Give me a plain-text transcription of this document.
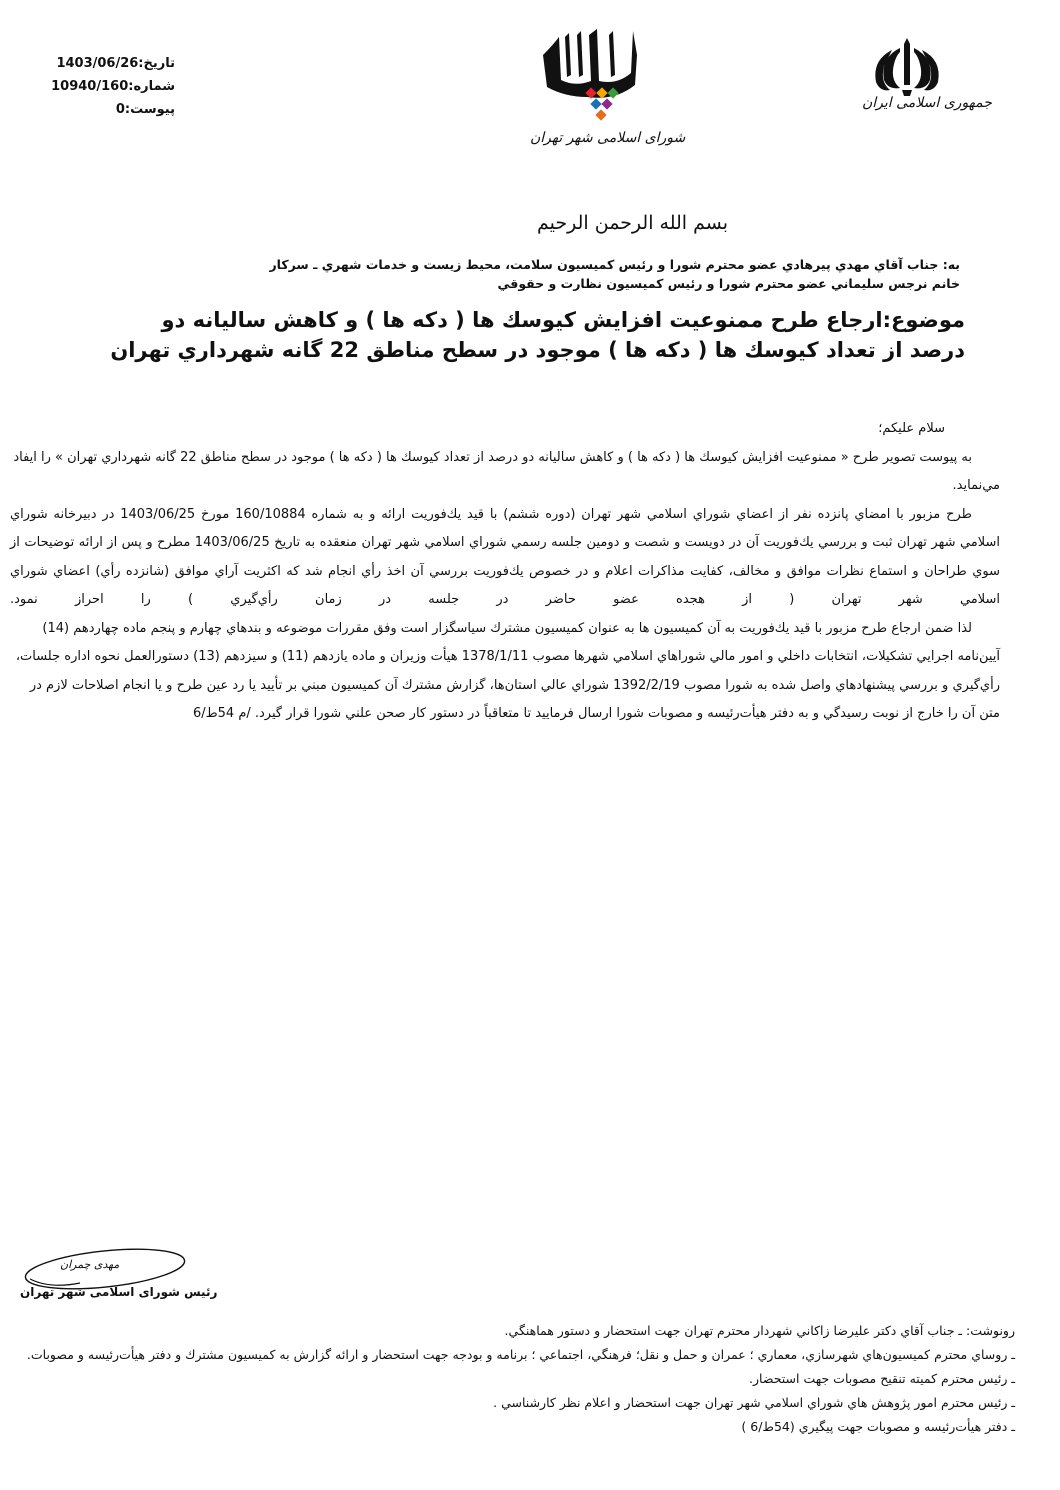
تاريخ:1403/06/26
شماره:10940/160
پيوست:0
شورای اسلامی شهر تهران
جمهوری اسلامی ایران
بسم الله الرحمن الرحيم
به: جناب آقاي مهدي پيرهادي عضو محترم شورا و رئيس كميسيون سلامت، محيط زيست و خدمات شهري ـ سركار
خانم نرجس سليماني عضو محترم شورا و رئيس كميسيون نظارت و حقوقي
موضوع:ارجاع طرح ممنوعيت افزايش كيوسك ها ( دكه ها ) و كاهش ساليانه دو درصد از تعداد كيوسك ها ( دكه ها ) موجود در سطح مناطق 22 گانه شهرداري تهران

سلام عليكم؛

به پيوست تصوير طرح « ممنوعيت افزايش كيوسك ها ( دكه ها ) و كاهش ساليانه دو درصد از تعداد كيوسك ها ( دكه ها ) موجود در سطح مناطق 22 گانه شهرداري تهران » را ايفاد مي‌نمايد.

طرح مزبور با امضاي پانزده نفر از اعضاي شوراي اسلامي شهر تهران (دوره ششم) با قيد يك‌فوريت ارائه و به شماره 160/10884 مورخ 1403/06/25 در دبيرخانه شوراي اسلامي شهر تهران ثبت و بررسي يك‌فوريت آن در دويست و شصت و دومين جلسه رسمي شوراي اسلامي شهر تهران منعقده به تاريخ 1403/06/25 مطرح و پس از ارائه توضيحات از سوي طراحان و استماع نظرات موافق و مخالف، كفايت مذاكرات اعلام و در خصوص يك‌فوريت بررسي آن اخذ رأي انجام شد كه اكثريت آراي موافق (شانزده رأي) اعضاي شوراي اسلامي شهر تهران ( از هجده عضو حاضر در جلسه در زمان رأي‌گيري ) را احراز نمود.

لذا ضمن ارجاع طرح مزبور با قيد يك‌فوريت به آن كميسيون ها به عنوان كميسيون مشترك سياسگزار است وفق مقررات موضوعه و بندهاي چهارم و پنجم ماده چهاردهم (14) آيين‌نامه اجرايي تشكيلات، انتخابات داخلي و امور مالي شوراهاي اسلامي شهرها مصوب 1378/1/11 هيأت وزيران و ماده يازدهم (11) و سيزدهم (13) دستورالعمل نحوه اداره جلسات، رأي‌گيري و بررسي پيشنهادهاي واصل شده به شورا مصوب 1392/2/19 شوراي عالي استان‌ها، گزارش مشترك آن كميسيون مبني بر تأييد يا رد عين طرح و يا انجام اصلاحات لازم در متن آن را خارج از نوبت رسيدگي و به دفتر هيأت‌رئيسه و مصوبات شورا ارسال فرماييد تا متعاقباً در دستور كار صحن علني شورا قرار گيرد. /م 54ط/6

مهدی چمران
رئیس شورای اسلامی شهر تهران
رونوشت: ـ جناب آقاي دكتر عليرضا زاكاني شهردار محترم تهران جهت استحضار و دستور هماهنگي.
ـ روساي محترم كميسيون‌هاي شهرسازي، معماري ؛ عمران و حمل و نقل؛ فرهنگي، اجتماعي ؛ برنامه و بودجه جهت استحضار و ارائه گزارش به كميسيون مشترك و دفتر هيأت‌رئيسه و مصوبات.
ـ رئيس محترم كميته تنقيح مصوبات جهت استحضار.
ـ رئيس محترم امور پژوهش هاي شوراي اسلامي شهر تهران جهت استحضار و اعلام نظر كارشناسي .
ـ دفتر هيأت‌رئيسه و مصوبات جهت پيگيري (54ط/6 )
